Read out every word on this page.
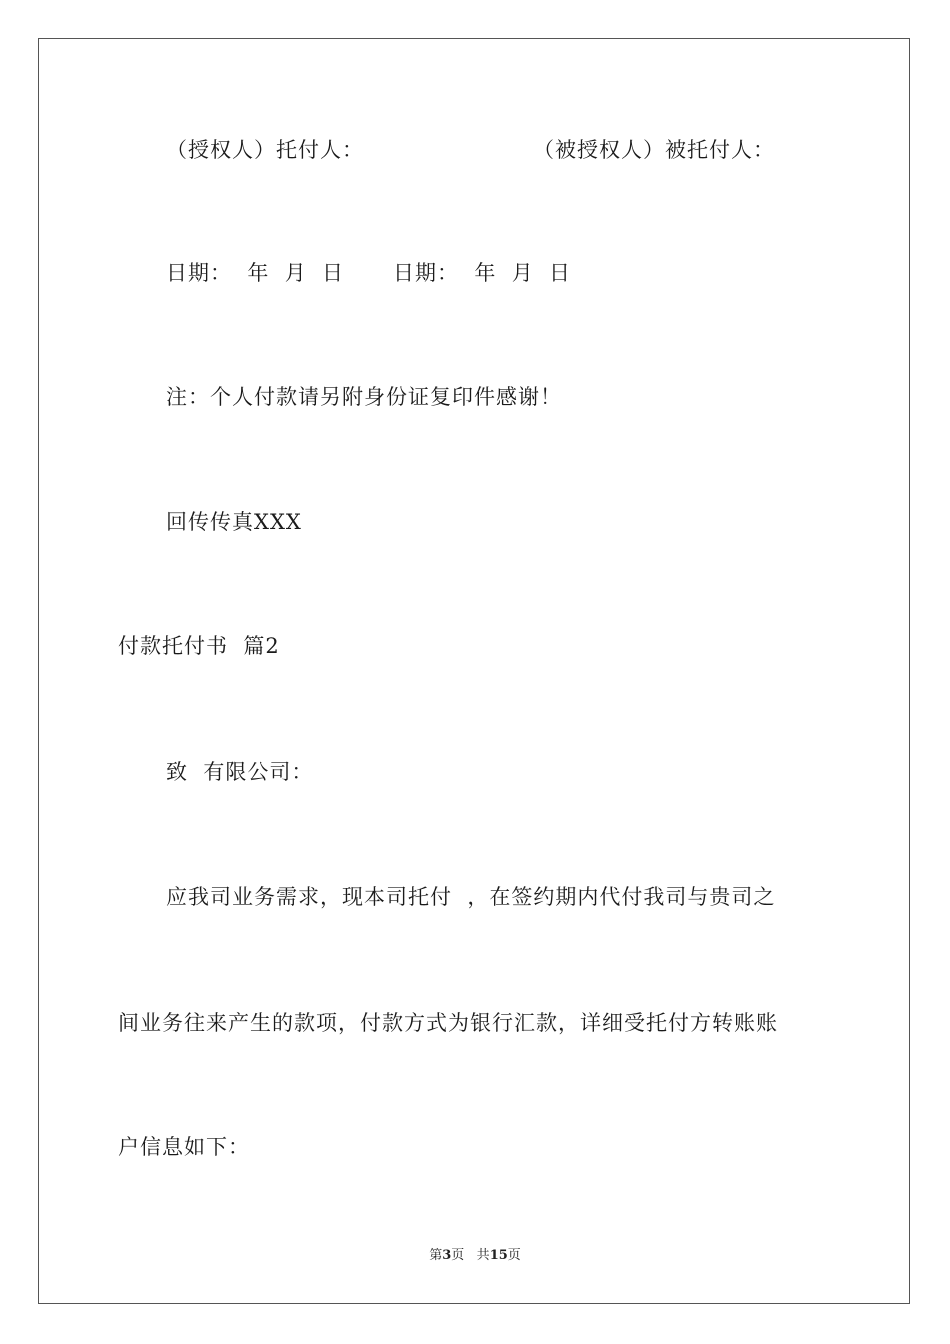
（授权人）托付人：	（被授权人）被托付人：
日期：  年  月  日 日期：  年  月  日
注：个人付款请另附身份证复印件感谢！
回传传真XXX
付款托付书  篇2
致  有限公司：
应我司业务需求，现本司托付  ，在签约期内代付我司与贵司之
间业务往来产生的款项，付款方式为银行汇款，详细受托付方转账账
户信息如下：
第3页 共15页
